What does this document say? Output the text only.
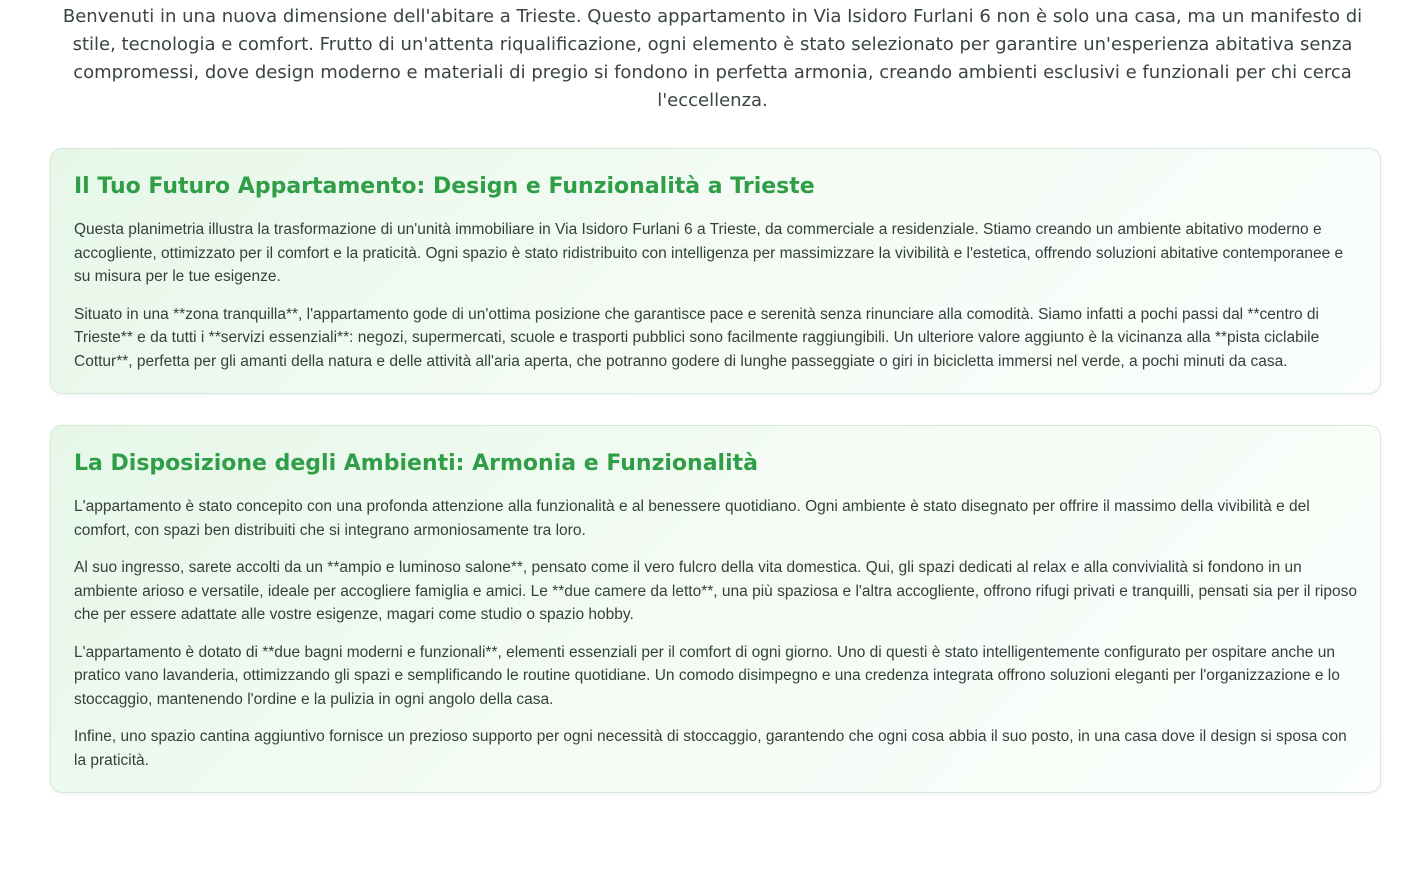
Benvenuti in una nuova dimensione dell'abitare a Trieste. Questo appartamento in Via Isidoro Furlani 6 non è solo una casa, ma un manifesto di stile, tecnologia e comfort. Frutto di un'attenta riqualificazione, ogni elemento è stato selezionato per garantire un'esperienza abitativa senza compromessi, dove design moderno e materiali di pregio si fondono in perfetta armonia, creando ambienti esclusivi e funzionali per chi cerca l'eccellenza.
Il Tuo Futuro Appartamento: Design e Funzionalità a Trieste

Questa planimetria illustra la trasformazione di un'unità immobiliare in Via Isidoro Furlani 6 a Trieste, da commerciale a residenziale. Stiamo creando un ambiente abitativo moderno e accogliente, ottimizzato per il comfort e la praticità. Ogni spazio è stato ridistribuito con intelligenza per massimizzare la vivibilità e l'estetica, offrendo soluzioni abitative contemporanee e su misura per le tue esigenze.

Situato in una **zona tranquilla**, l'appartamento gode di un'ottima posizione che garantisce pace e serenità senza rinunciare alla comodità. Siamo infatti a pochi passi dal **centro di Trieste** e da tutti i **servizi essenziali**: negozi, supermercati, scuole e trasporti pubblici sono facilmente raggiungibili. Un ulteriore valore aggiunto è la vicinanza alla **pista ciclabile Cottur**, perfetta per gli amanti della natura e delle attività all'aria aperta, che potranno godere di lunghe passeggiate o giri in bicicletta immersi nel verde, a pochi minuti da casa.

La Disposizione degli Ambienti: Armonia e Funzionalità

L'appartamento è stato concepito con una profonda attenzione alla funzionalità e al benessere quotidiano. Ogni ambiente è stato disegnato per offrire il massimo della vivibilità e del comfort, con spazi ben distribuiti che si integrano armoniosamente tra loro.

Al suo ingresso, sarete accolti da un **ampio e luminoso salone**, pensato come il vero fulcro della vita domestica. Qui, gli spazi dedicati al relax e alla convivialità si fondono in un ambiente arioso e versatile, ideale per accogliere famiglia e amici. Le **due camere da letto**, una più spaziosa e l'altra accogliente, offrono rifugi privati e tranquilli, pensati sia per il riposo che per essere adattate alle vostre esigenze, magari come studio o spazio hobby.

L'appartamento è dotato di **due bagni moderni e funzionali**, elementi essenziali per il comfort di ogni giorno. Uno di questi è stato intelligentemente configurato per ospitare anche un pratico vano lavanderia, ottimizzando gli spazi e semplificando le routine quotidiane. Un comodo disimpegno e una credenza integrata offrono soluzioni eleganti per l'organizzazione e lo stoccaggio, mantenendo l'ordine e la pulizia in ogni angolo della casa.

Infine, uno spazio cantina aggiuntivo fornisce un prezioso supporto per ogni necessità di stoccaggio, garantendo che ogni cosa abbia il suo posto, in una casa dove il design si sposa con la praticità.
